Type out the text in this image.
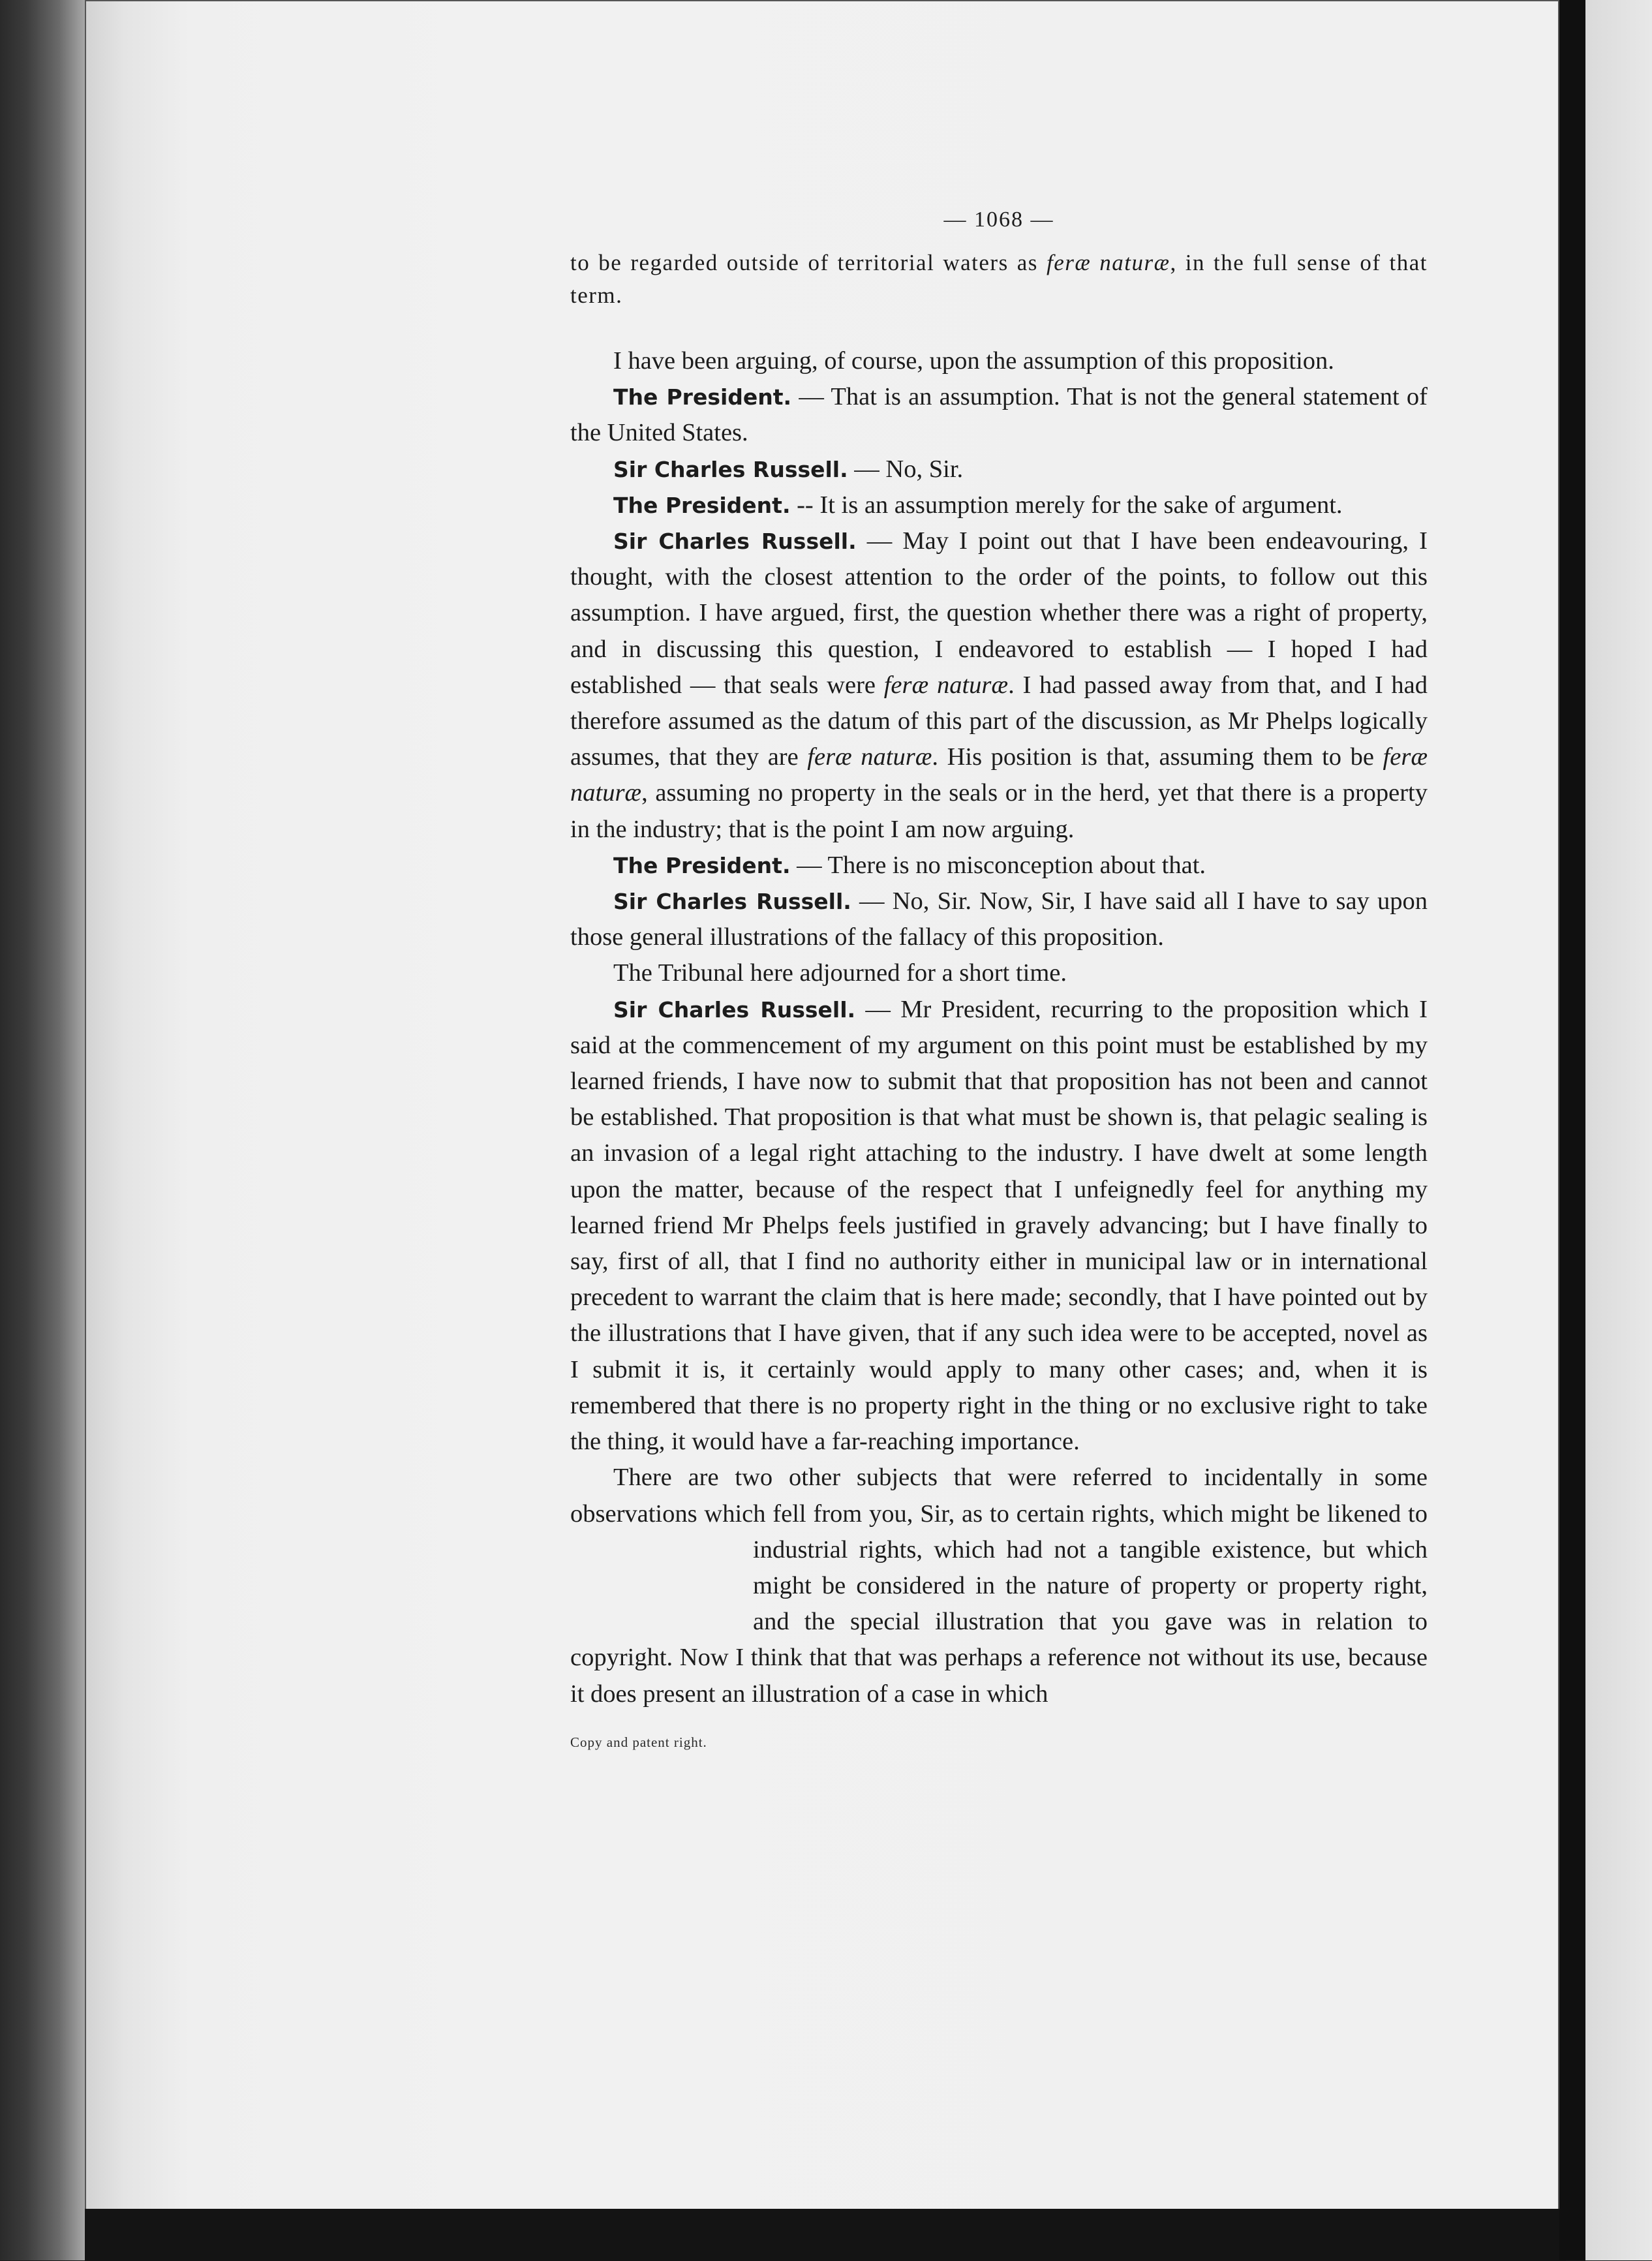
— 1068 —
to be regarded outside of territorial waters as feræ naturæ, in the full sense of that term.

I have been arguing, of course, upon the assumption of this proposition.

The President. — That is an assumption. That is not the general statement of the United States.

Sir Charles Russell. — No, Sir.

The President. -- It is an assumption merely for the sake of argument.

Sir Charles Russell. — May I point out that I have been endeavouring, I thought, with the closest attention to the order of the points, to follow out this assumption. I have argued, first, the question whether there was a right of property, and in discussing this question, I endeavored to establish — I hoped I had established — that seals were feræ naturæ. I had passed away from that, and I had therefore assumed as the datum of this part of the discussion, as Mr Phelps logically assumes, that they are feræ naturæ. His position is that, assuming them to be feræ naturæ, assuming no property in the seals or in the herd, yet that there is a property in the industry; that is the point I am now arguing.

The President. — There is no misconception about that.

Sir Charles Russell. — No, Sir. Now, Sir, I have said all I have to say upon those general illustrations of the fallacy of this proposition.

The Tribunal here adjourned for a short time.

Sir Charles Russell. — Mr President, recurring to the proposition which I said at the commencement of my argument on this point must be established by my learned friends, I have now to submit that that proposition has not been and cannot be established. That proposition is that what must be shown is, that pelagic sealing is an invasion of a legal right attaching to the industry. I have dwelt at some length upon the matter, because of the respect that I unfeignedly feel for anything my learned friend Mr Phelps feels justified in gravely advancing; but I have finally to say, first of all, that I find no authority either in municipal law or in international precedent to warrant the claim that is here made; secondly, that I have pointed out by the illustrations that I have given, that if any such idea were to be accepted, novel as I submit it is, it certainly would apply to many other cases; and, when it is remembered that there is no property right in the thing or no exclusive right to take the thing, it would have a far-reaching importance.

There are two other subjects that were referred to incidentally in some observations which fell from you, Sir, as to certain rights, which might be
likened to industrial rights, which had not a tangible existence, but which might be considered in the nature of property or property right, and the special illustration that you gave was in relation to copyright. Now I think that that was perhaps a reference not without its use, because it does present an illustration of a case in which

Copy and patent right.
